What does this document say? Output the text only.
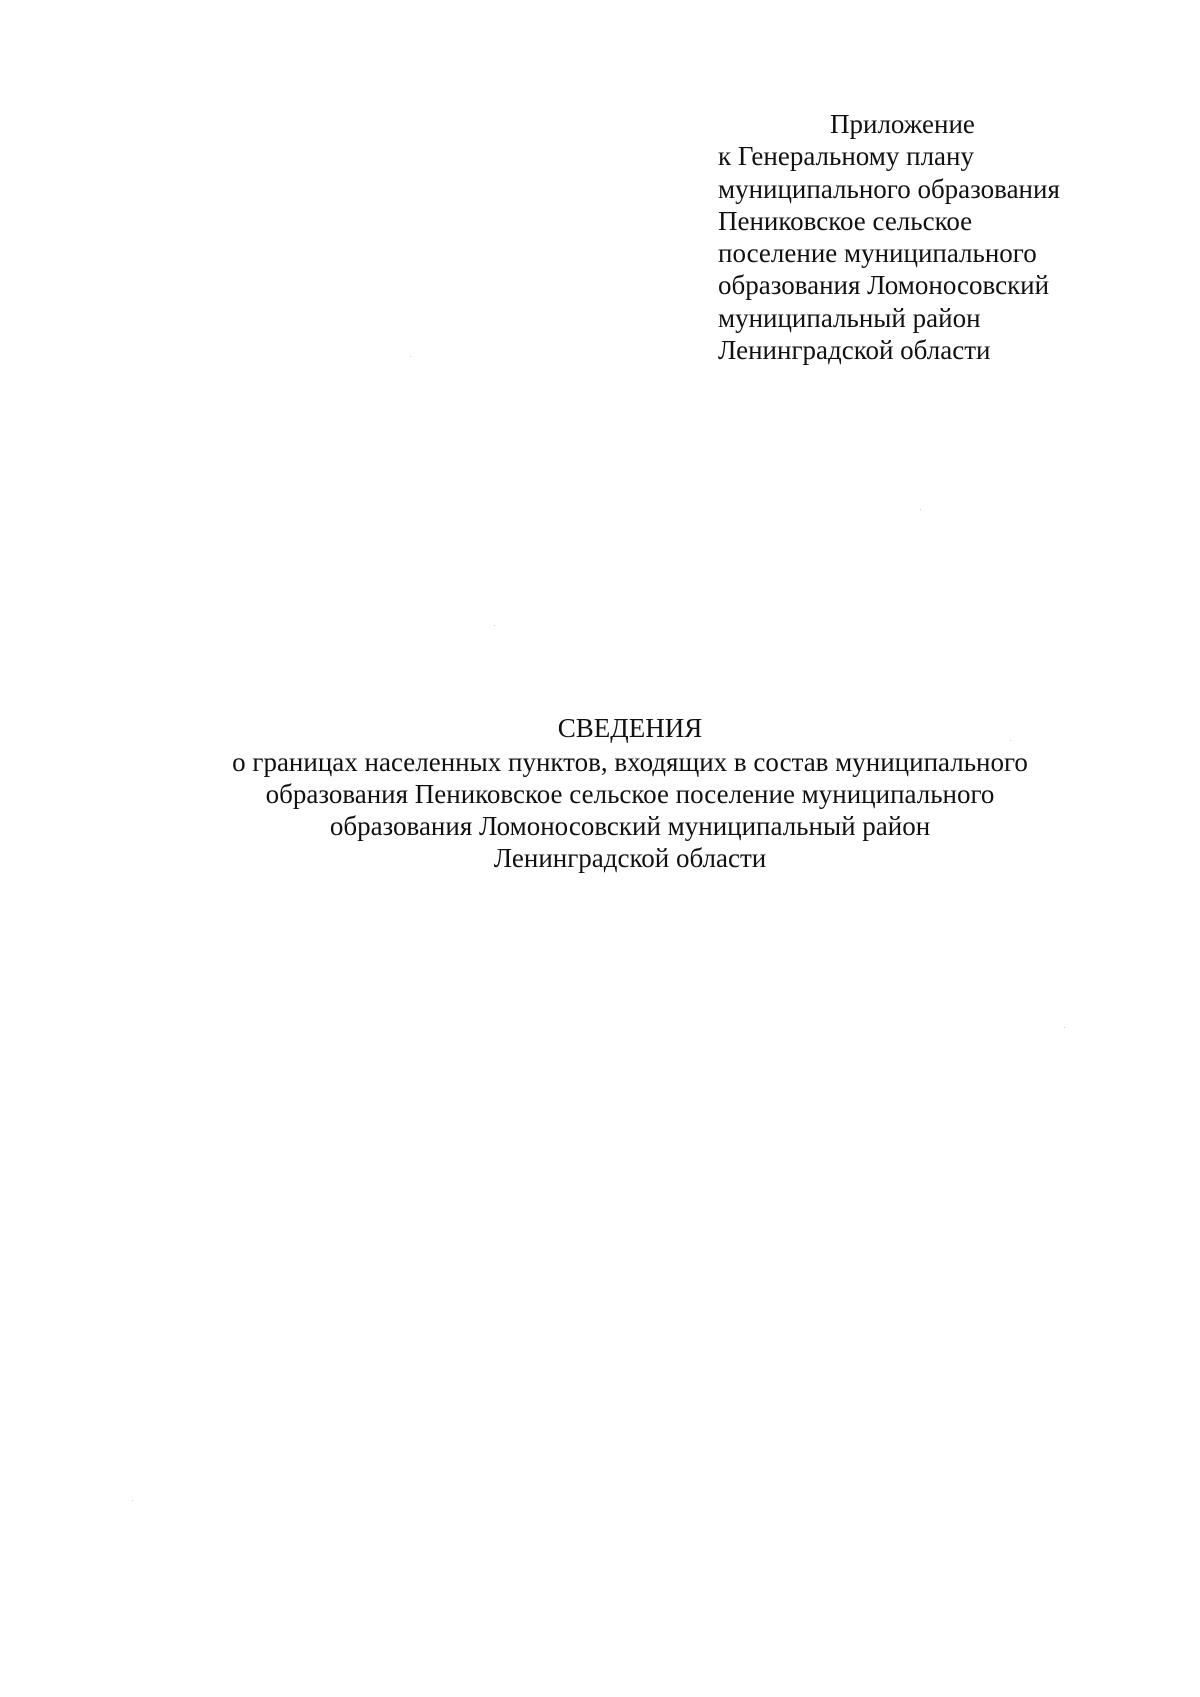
Приложение
к Генеральному плану
муниципального образования
Пениковское сельское
поселение муниципального
образования Ломоносовский
муниципальный район
Ленинградской области
СВЕДЕНИЯ
о границах населенных пунктов, входящих в состав муниципального
образования Пениковское сельское поселение муниципального
образования Ломоносовский муниципальный район
Ленинградской области
